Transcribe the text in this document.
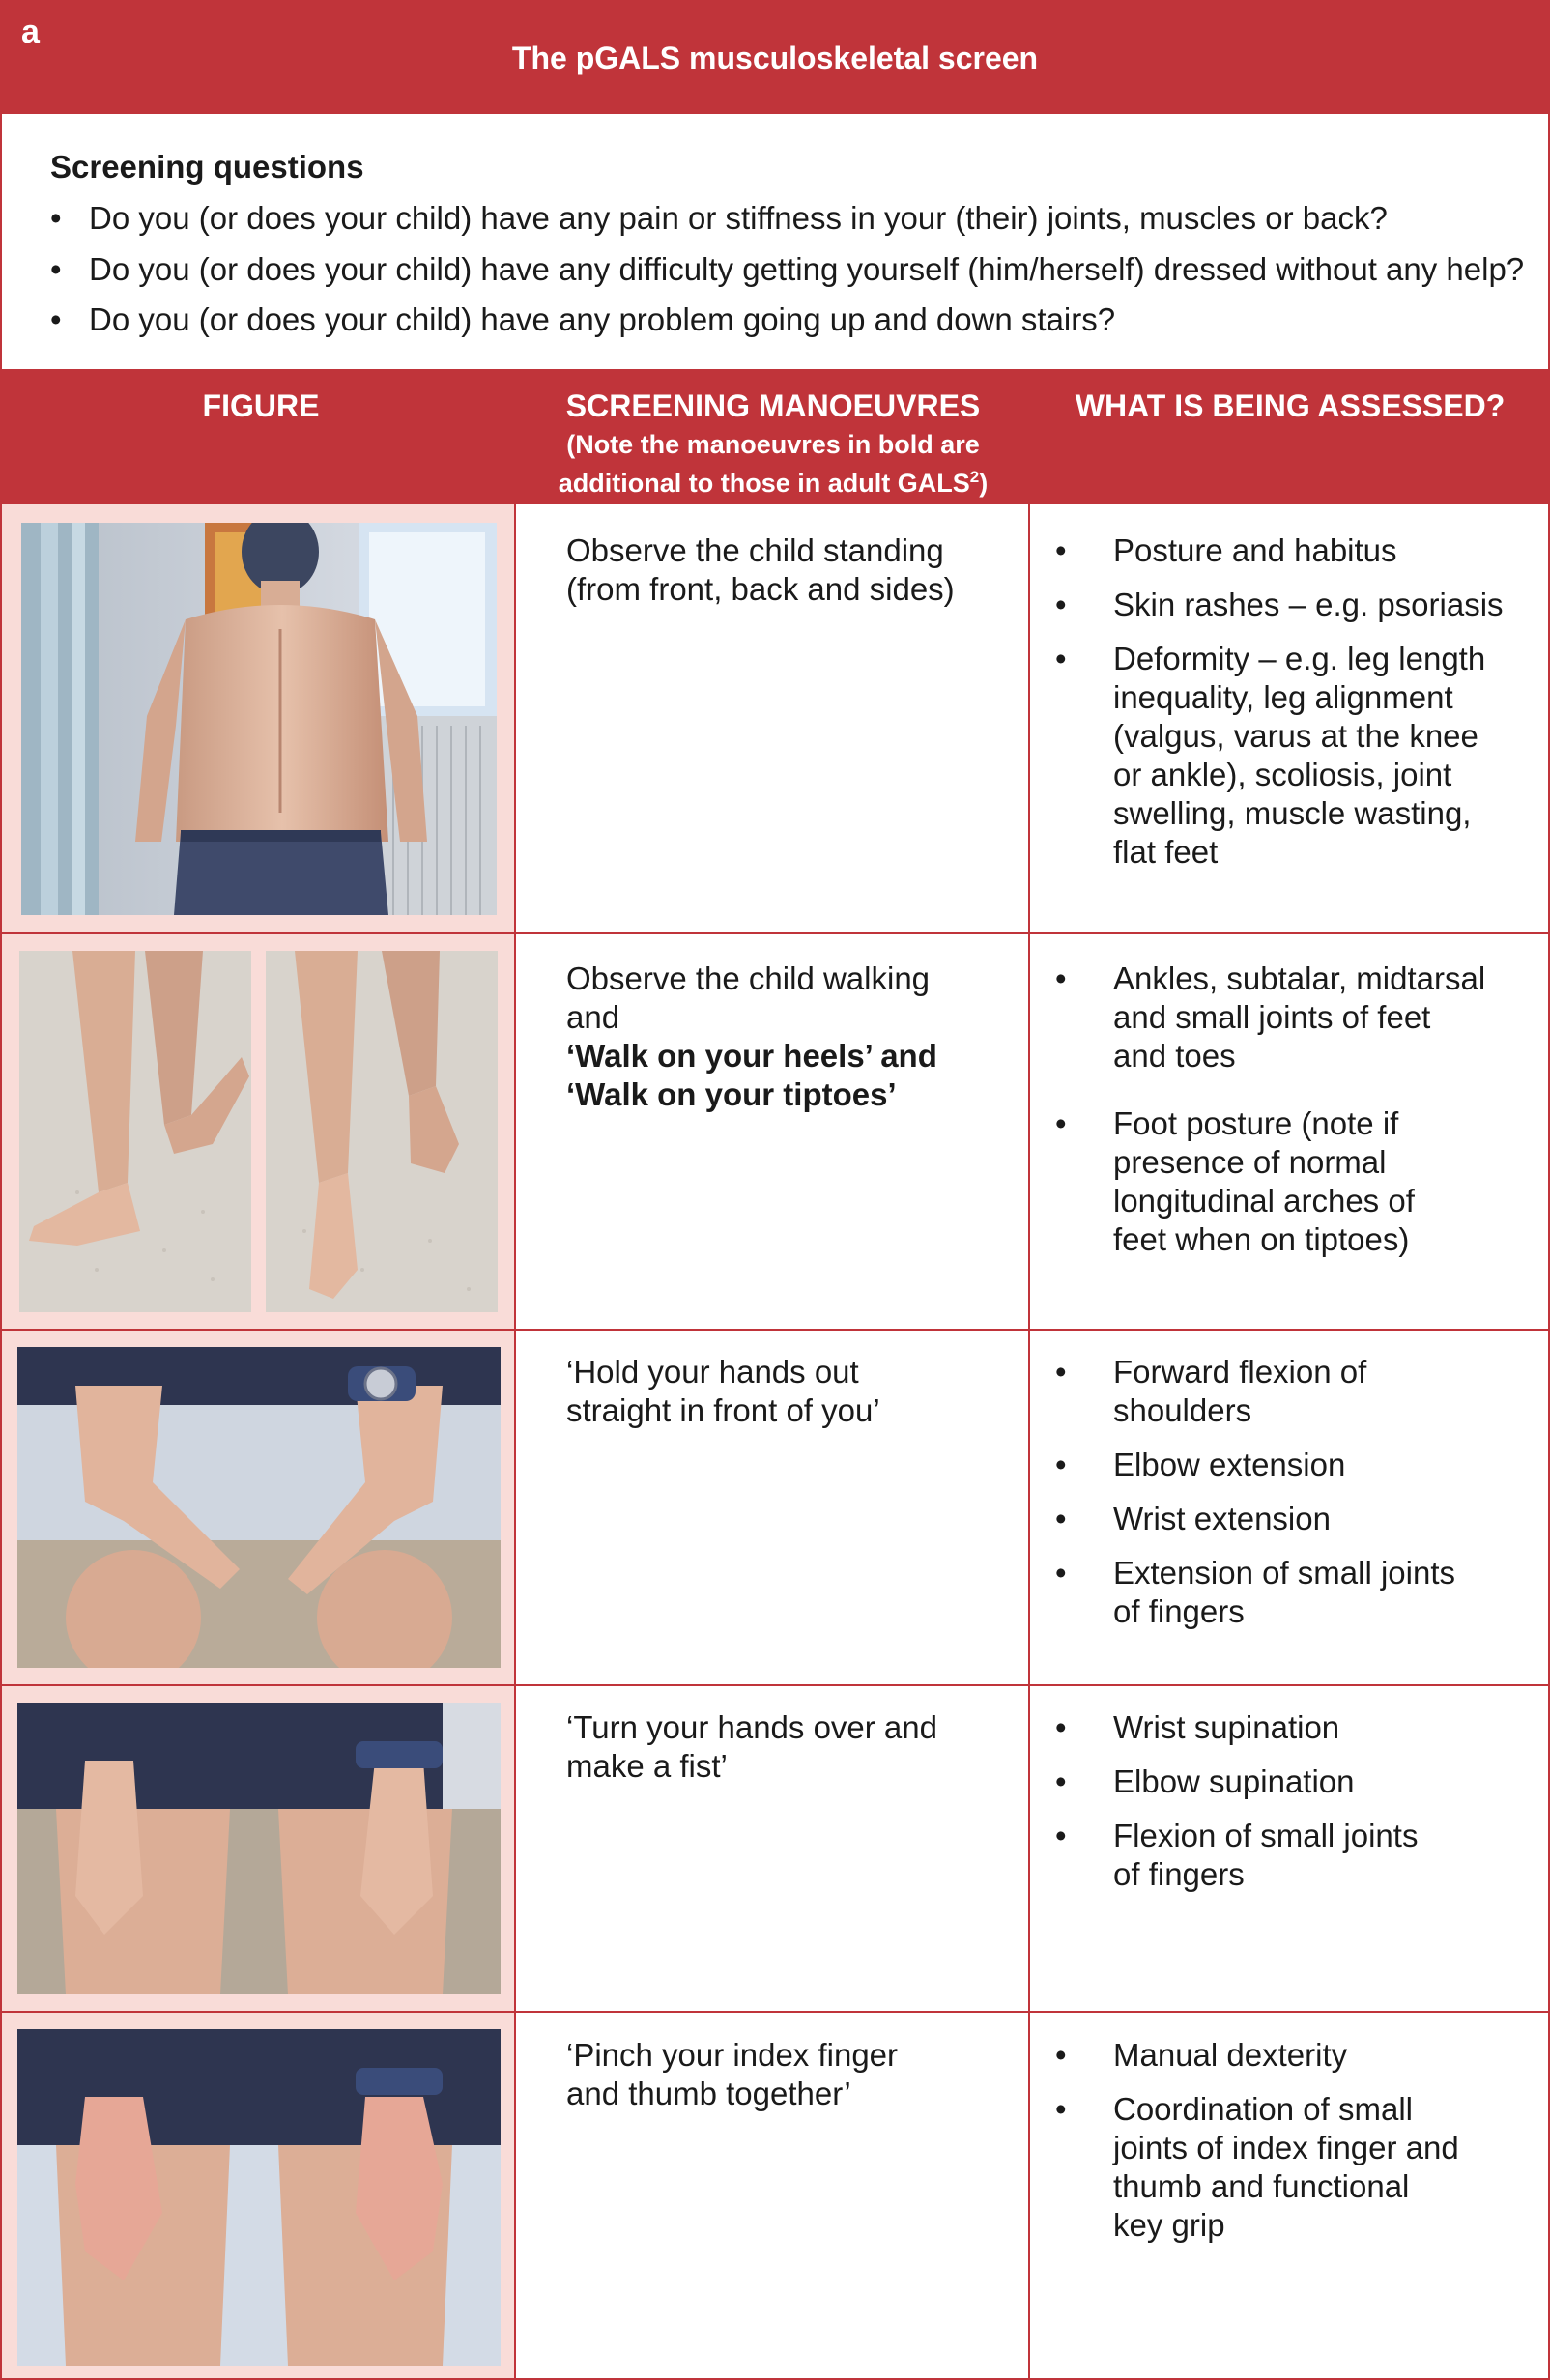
a
The pGALS musculoskeletal screen
Screening questions
• Do you (or does your child) have any pain or stiffness in your (their) joints, muscles or back?
• Do you (or does your child) have any difficulty getting yourself (him/herself) dressed without any help?
• Do you (or does your child) have any problem going up and down stairs?
FIGURE	SCREENING MANOEUVRES
(Note the manoeuvres in bold are
additional to those in adult GALS$^2$)
WHAT IS BEING ASSESSED?
Observe the child standing
(from front, back and sides)
•	Posture and habitus
•	Skin rashes – e.g. psoriasis
•	Deformity – e.g. leg length
inequality, leg alignment
(valgus, varus at the knee
or ankle), scoliosis, joint
swelling, muscle wasting,
flat feet
Observe the child walking
and
‘Walk on your heels’ and
‘Walk on your tiptoes’
•	Ankles, subtalar, midtarsal
and small joints of feet
and toes
•	Foot posture (note if
presence of normal
longitudinal arches of
feet when on tiptoes)
‘Hold your hands out
straight in front of you’
•	Forward flexion of
shoulders
•	Elbow extension
•	Wrist extension
•	Extension of small joints
of fingers
‘Turn your hands over and
make a fist’
•	Wrist supination
•	Elbow supination
•	Flexion of small joints
of fingers
‘Pinch your index finger
and thumb together’
•	Manual dexterity
•	Coordination of small
joints of index finger and
thumb and functional
key grip
